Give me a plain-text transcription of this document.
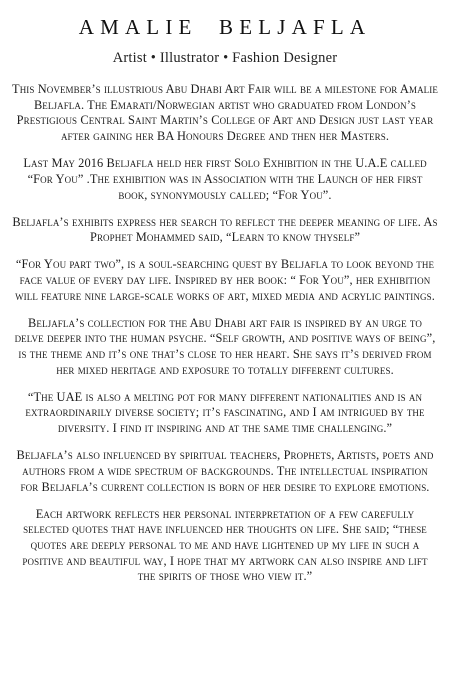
AMALIE BELJAFLA
Artist • Illustrator • Fashion Designer

This November’s illustrious Abu Dhabi Art Fair will be a milestone for Amalie Beljafla. The Emarati/Norwegian artist who graduated from London’s Prestigious Central Saint Martin’s College of Art and Design just last year after gaining her BA Honours Degree and then her Masters.

Last May 2016 Beljafla held her first Solo Exhibition in the U.A.E called “For You” .The exhibition was in Association with the Launch of her first book, synonymously called; “For You”.

Beljafla’s exhibits express her search to reflect the deeper meaning of life. As Prophet Mohammed said, “Learn to know thyself”

“For You part two”, is a soul-searching quest by Beljafla to look beyond the face value of every day life. Inspired by her book: “ For You”, her exhibition will feature nine large-scale works of art, mixed media and acrylic paintings.

Beljafla’s collection for the Abu Dhabi art fair is inspired by an urge to delve deeper into the human psyche. “Self growth, and positive ways of being”, is the theme and it’s one that’s close to her heart. She says it’s derived from her mixed heritage and exposure to totally different cultures.

“The UAE is also a melting pot for many different nationalities and is an extraordinarily diverse society; it’s fascinating, and I am intrigued by the diversity. I find it inspiring and at the same time challenging.”

Beljafla’s also influenced by spiritual teachers, Prophets, Artists, poets and authors from a wide spectrum of backgrounds. The intellectual inspiration for Beljafla’s current collection is born of her desire to explore emotions.

Each artwork reflects her personal interpretation of a few carefully selected quotes that have influenced her thoughts on life. She said; “these quotes are deeply personal to me and have lightened up my life in such a positive and beautiful way, I hope that my artwork can also inspire and lift the spirits of those who view it.”
